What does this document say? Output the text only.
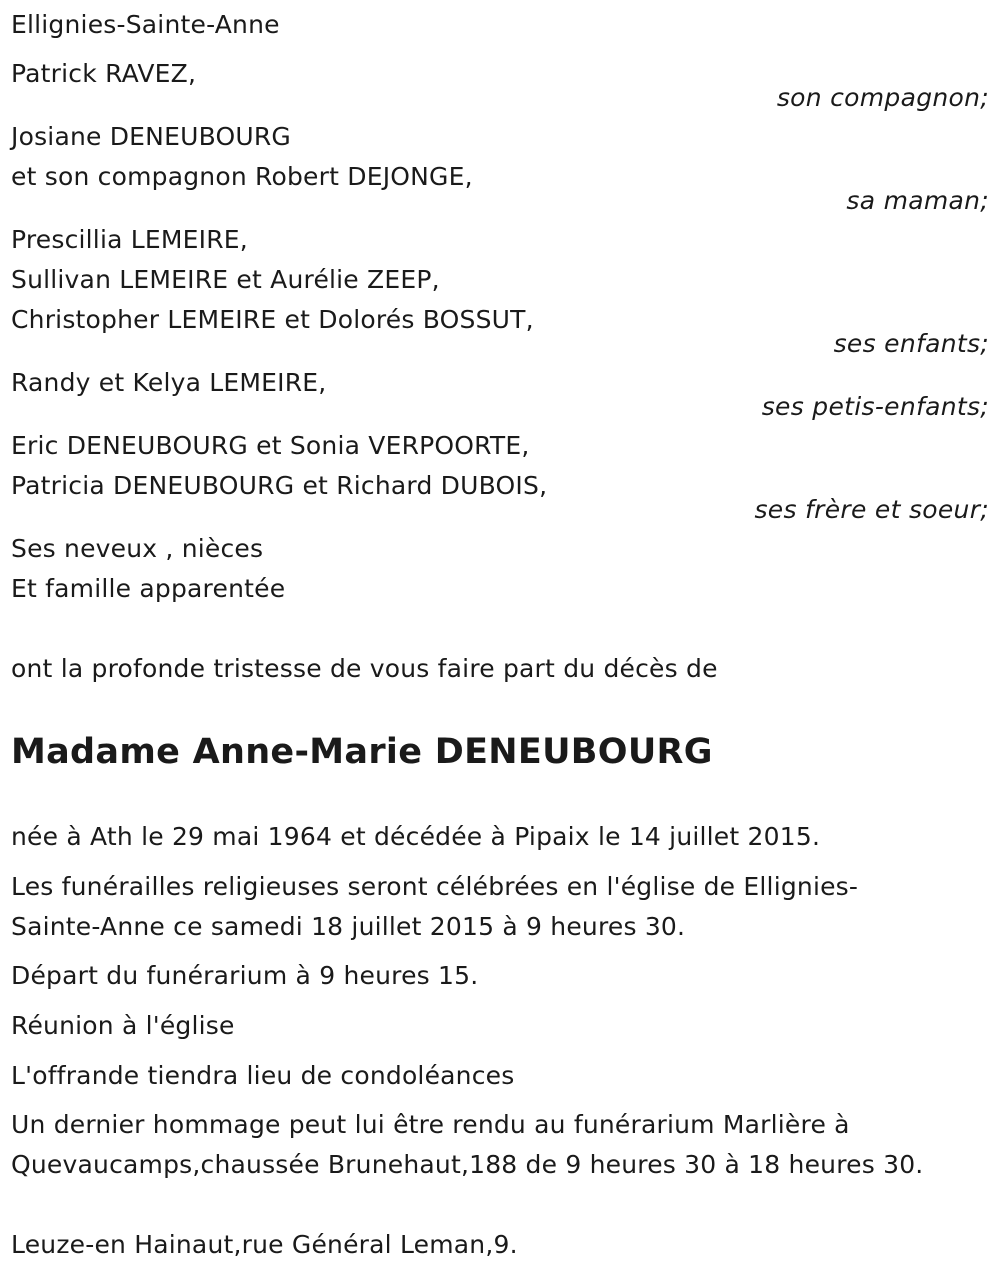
Ellignies-Sainte-Anne
Patrick RAVEZ,
son compagnon;
Josiane DENEUBOURG
et son compagnon Robert DEJONGE,
sa maman;
Prescillia LEMEIRE,
Sullivan LEMEIRE et Aurélie ZEEP,
Christopher LEMEIRE et Dolorés BOSSUT,
ses enfants;
Randy et Kelya LEMEIRE,
ses petis-enfants;
Eric DENEUBOURG et Sonia VERPOORTE,
Patricia DENEUBOURG et Richard DUBOIS,
ses frère et soeur;
Ses neveux , nièces
Et famille apparentée
ont la profonde tristesse de vous faire part du décès de
Madame Anne-Marie DENEUBOURG
née à Ath le 29 mai 1964 et décédée à Pipaix le 14 juillet 2015.
Les funérailles religieuses seront célébrées en l'église de Ellignies-
Sainte-Anne ce samedi 18 juillet 2015 à 9 heures 30.
Départ du funérarium à 9 heures 15.
Réunion à l'église
L'offrande tiendra lieu de condoléances
Un dernier hommage peut lui être rendu au funérarium Marlière à
Quevaucamps,chaussée Brunehaut,188 de 9 heures 30 à 18 heures 30.
Leuze-en Hainaut,rue Général Leman,9.
